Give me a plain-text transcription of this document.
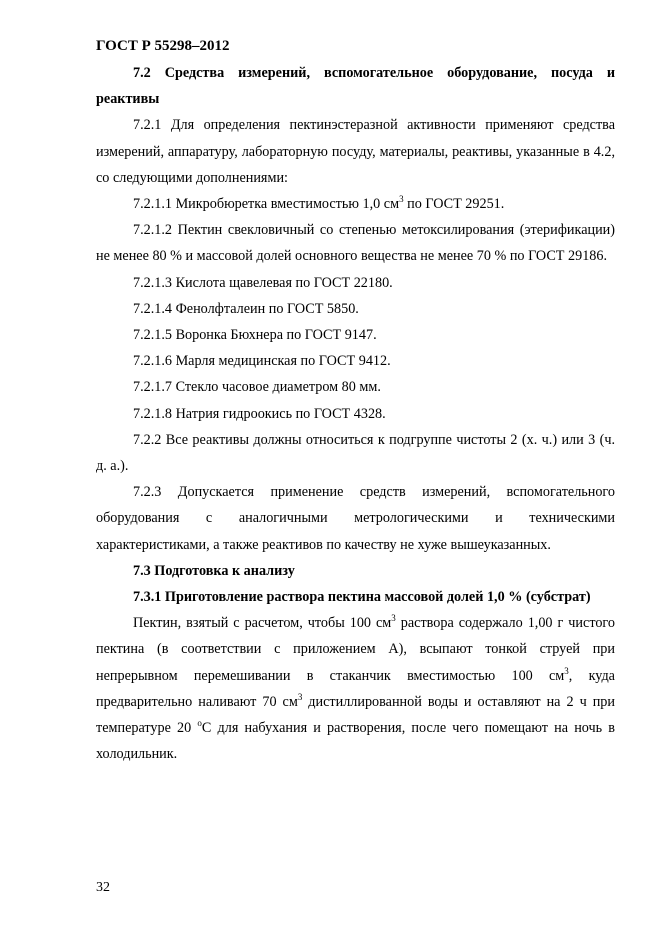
ГОСТ Р 55298–2012

7.2 Средства измерений, вспомогательное оборудование, посуда и реактивы

7.2.1 Для определения пектинэстеразной активности применяют средства измерений, аппаратуру, лабораторную посуду, материалы, реактивы, указанные в 4.2, со следующими дополнениями:

7.2.1.1 Микробюретка вместимостью 1,0 $см^3$ по ГОСТ 29251.

7.2.1.2 Пектин свекловичный со степенью метоксилирования (этерификации) не менее 80 % и массовой долей основного вещества не менее 70 % по ГОСТ 29186.

7.2.1.3 Кислота щавелевая по ГОСТ 22180.

7.2.1.4 Фенолфталеин по ГОСТ 5850.

7.2.1.5 Воронка Бюхнера по ГОСТ 9147.

7.2.1.6 Марля медицинская по ГОСТ 9412.

7.2.1.7 Стекло часовое диаметром 80 мм.

7.2.1.8 Натрия гидроокись по ГОСТ 4328.

7.2.2 Все реактивы должны относиться к подгруппе чистоты 2 (х. ч.) или 3 (ч. д. а.).

7.2.3 Допускается применение средств измерений, вспомогательного оборудования с аналогичными метрологическими и техническими характеристиками, а также реактивов по качеству не хуже вышеуказанных.

7.3 Подготовка к анализу

7.3.1 Приготовление раствора пектина массовой долей 1,0 % (субстрат)

Пектин, взятый с расчетом, чтобы 100 $см^3$ раствора содержало 1,00 г чистого пектина (в соответствии с приложением А), всыпают тонкой струей при непрерывном перемешивании в стаканчик вместимостью 100 $см^3$, куда предварительно наливают 70 $см^3$ дистиллированной воды и оставляют на 2 ч при температуре 20 $^о$С для набухания и растворения, после чего помещают на ночь в холодильник.

32
